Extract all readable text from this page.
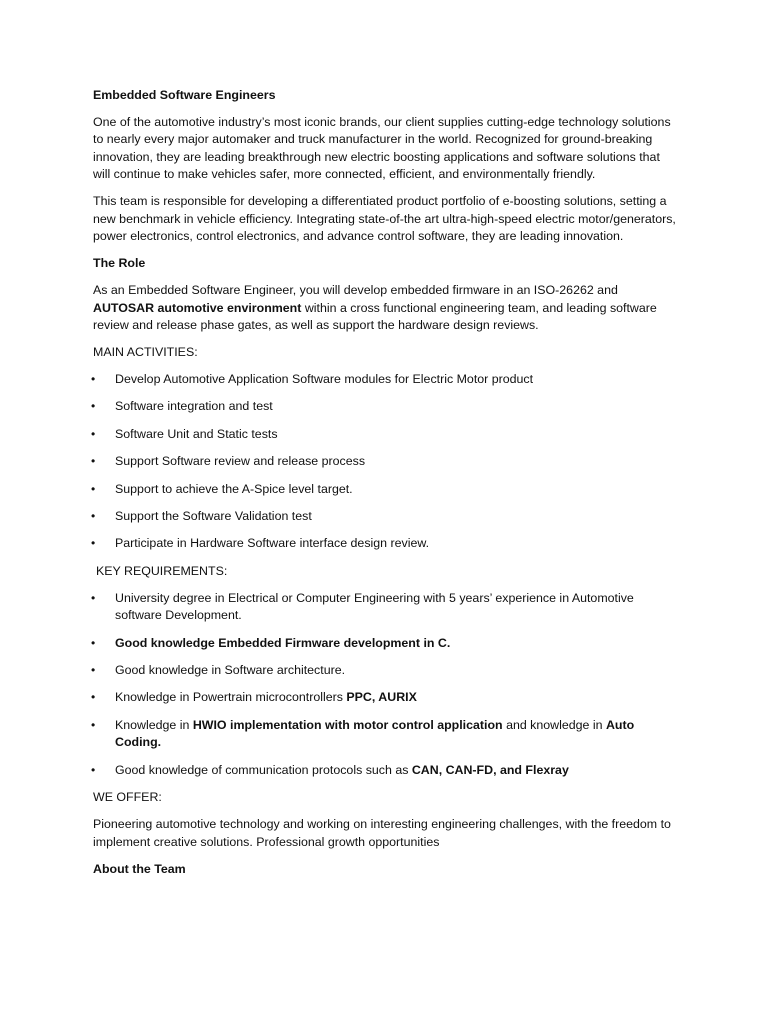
Embedded Software Engineers

One of the automotive industry’s most iconic brands, our client supplies cutting-edge technology solutions to nearly every major automaker and truck manufacturer in the world. Recognized for ground-breaking innovation, they are leading breakthrough new electric boosting applications and software solutions that will continue to make vehicles safer, more connected, efficient, and environmentally friendly.

This team is responsible for developing a differentiated product portfolio of e-boosting solutions, setting a new benchmark in vehicle efficiency. Integrating state-of-the art ultra-high-speed electric motor/generators, power electronics, control electronics, and advance control software, they are leading innovation.

The Role

As an Embedded Software Engineer, you will develop embedded firmware in an ISO-26262 and AUTOSAR automotive environment within a cross functional engineering team, and leading software review and release phase gates, as well as support the hardware design reviews.

MAIN ACTIVITIES:

• Develop Automotive Application Software modules for Electric Motor product
• Software integration and test
• Software Unit and Static tests
• Support Software review and release process
• Support to achieve the A-Spice level target.
• Support the Software Validation test
• Participate in Hardware Software interface design review.

KEY REQUIREMENTS:

• University degree in Electrical or Computer Engineering with 5 years’ experience in Automotive software Development.
• Good knowledge Embedded Firmware development in C.
• Good knowledge in Software architecture.
• Knowledge in Powertrain microcontrollers PPC, AURIX
• Knowledge in HWIO implementation with motor control application and knowledge in Auto Coding.
• Good knowledge of communication protocols such as CAN, CAN-FD, and Flexray

WE OFFER:

Pioneering automotive technology and working on interesting engineering challenges, with the freedom to implement creative solutions. Professional growth opportunities

About the Team
